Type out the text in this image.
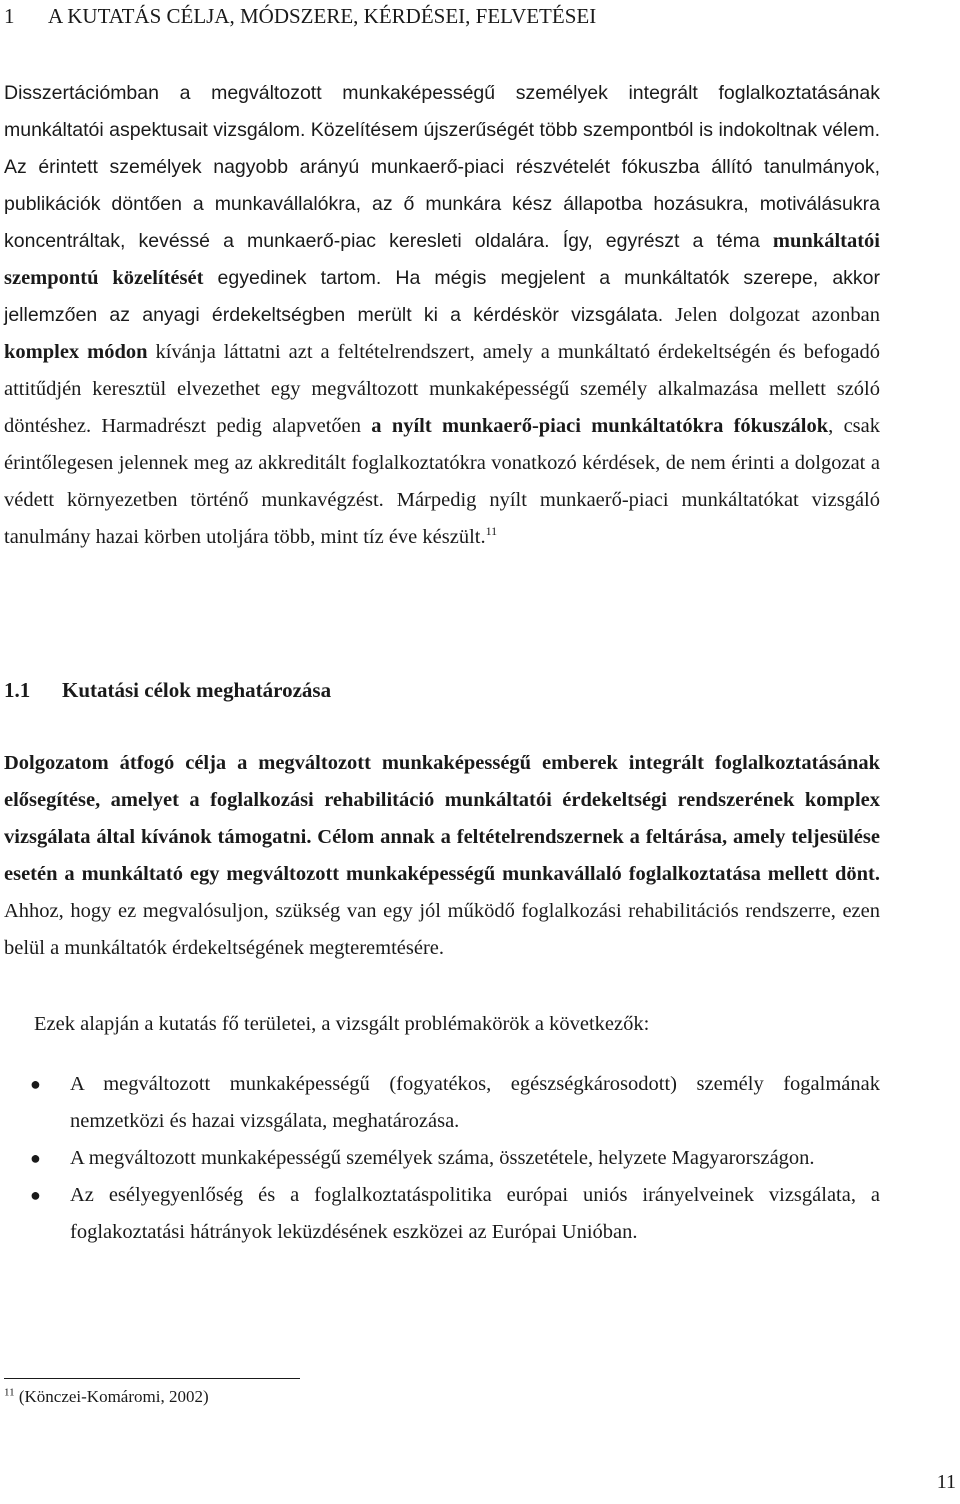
1 A KUTATÁS CÉLJA, MÓDSZERE, KÉRDÉSEI, FELVETÉSEI

Disszertációmban a megváltozott munkaképességű személyek integrált foglalkoztatásának munkáltatói aspektusait vizsgálom. Közelítésem újszerűségét több szempontból is indokoltnak vélem. Az érintett személyek nagyobb arányú munkaerő-piaci részvételét fókuszba állító tanulmányok, publikációk döntően a munkavállalókra, az ő munkára kész állapotba hozásukra, motiválásukra koncentráltak, kevéssé a munkaerő-piac keresleti oldalára. Így, egyrészt a téma munkáltatói szempontú közelítését egyedinek tartom. Ha mégis megjelent a munkáltatók szerepe, akkor jellemzően az anyagi érdekeltségben merült ki a kérdéskör vizsgálata. Jelen dolgozat azonban komplex módon kívánja láttatni azt a feltételrendszert, amely a munkáltató érdekeltségén és befogadó attitűdjén keresztül elvezethet egy megváltozott munkaképességű személy alkalmazása mellett szóló döntéshez. Harmadrészt pedig alapvetően a nyílt munkaerő-piaci munkáltatókra fókuszálok, csak érintőlegesen jelennek meg az akkreditált foglalkoztatókra vonatkozó kérdések, de nem érinti a dolgozat a védett környezetben történő munkavégzést. Márpedig nyílt munkaerő-piaci munkáltatókat vizsgáló tanulmány hazai körben utoljára több, mint tíz éve készült.$^{11}$

1.1 Kutatási célok meghatározása

Dolgozatom átfogó célja a megváltozott munkaképességű emberek integrált foglalkoztatásának elősegítése, amelyet a foglalkozási rehabilitáció munkáltatói érdekeltségi rendszerének komplex vizsgálata által kívánok támogatni. Célom annak a feltételrendszernek a feltárása, amely teljesülése esetén a munkáltató egy megváltozott munkaképességű munkavállaló foglalkoztatása mellett dönt. Ahhoz, hogy ez megvalósuljon, szükség van egy jól működő foglalkozási rehabilitációs rendszerre, ezen belül a munkáltatók érdekeltségének megteremtésére.

Ezek alapján a kutatás fő területei, a vizsgált problémakörök a következők:

● A megváltozott munkaképességű (fogyatékos, egészségkárosodott) személy fogalmának nemzetközi és hazai vizsgálata, meghatározása.
● A megváltozott munkaképességű személyek száma, összetétele, helyzete Magyarországon.
● Az esélyegyenlőség és a foglalkoztatáspolitika európai uniós irányelveinek vizsgálata, a foglakoztatási hátrányok leküzdésének eszközei az Európai Unióban.
$^{11}$ (Könczei-Komáromi, 2002)
11
